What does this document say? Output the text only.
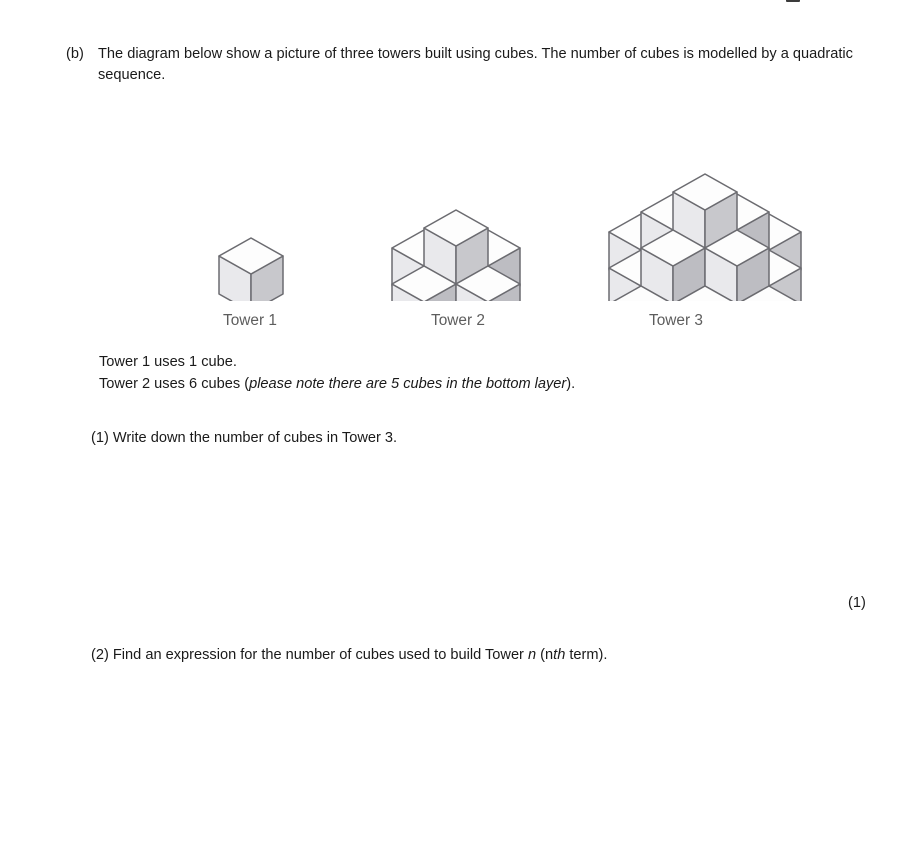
(b) The diagram below show a picture of three towers built using cubes. The number of cubes is modelled by a quadratic sequence.
Tower 1	Tower 2	Tower 3
Tower 1 uses 1 cube.
Tower 2 uses 6 cubes (please note there are 5 cubes in the bottom layer).
(1) Write down the number of cubes in Tower 3.
(1)
(2) Find an expression for the number of cubes used to build Tower n (nth term).
